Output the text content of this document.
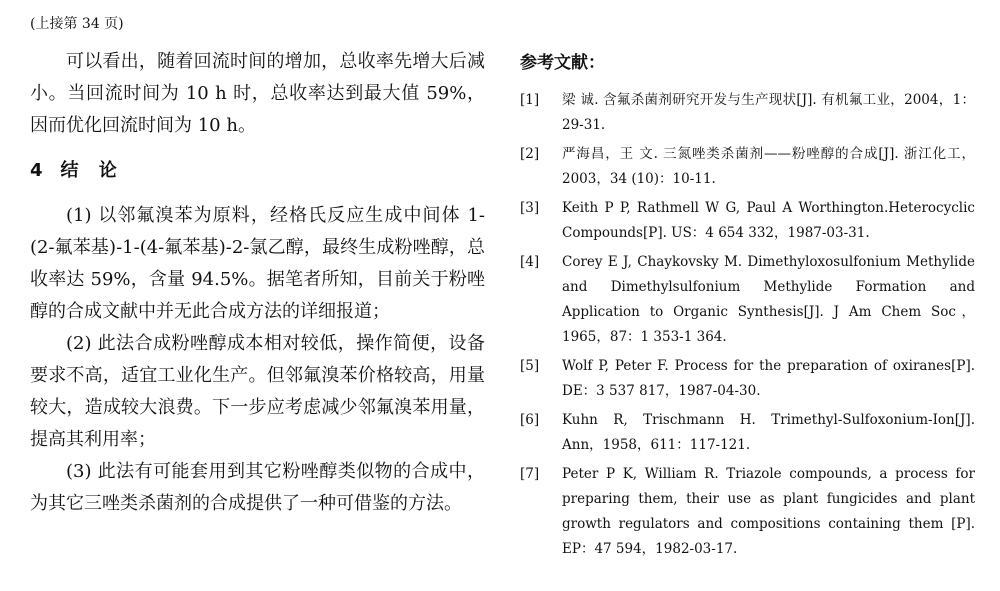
(上接第 34 页)

可以看出，随着回流时间的增加，总收率先增大后减小。当回流时间为 10 h 时，总收率达到最大值 59%，因而优化回流时间为 10 h。

4 结 论

(1) 以邻氟溴苯为原料，经格氏反应生成中间体 1-(2-氟苯基)-1-(4-氟苯基)-2-氯乙醇，最终生成粉唑醇，总收率达 59%，含量 94.5%。据笔者所知，目前关于粉唑醇的合成文献中并无此合成方法的详细报道；

(2) 此法合成粉唑醇成本相对较低，操作简便，设备要求不高，适宜工业化生产。但邻氟溴苯价格较高，用量较大，造成较大浪费。下一步应考虑减少邻氟溴苯用量，提高其利用率；

(3) 此法有可能套用到其它粉唑醇类似物的合成中，为其它三唑类杀菌剂的合成提供了一种可借鉴的方法。

参考文献：
[1]	梁 诚. 含氟杀菌剂研究开发与生产现状[J]. 有机氟工业，2004，1：29-31.
[2]	严海昌，王 文. 三氮唑类杀菌剂——粉唑醇的合成[J]. 浙江化工，2003，34 (10)：10-11.
[3]	Keith P P, Rathmell W G, Paul A Worthington.Heterocyclic Compounds[P]. US：4 654 332，1987-03-31.
[4]	Corey E J, Chaykovsky M. Dimethyloxosulfonium Methylide and Dimethylsulfonium Methylide Formation and Application to Organic Synthesis[J]. J Am Chem Soc，1965，87：1 353-1 364.
[5]	Wolf P, Peter F. Process for the preparation of oxiranes[P]. DE：3 537 817，1987-04-30.
[6]	Kuhn R, Trischmann H. Trimethyl-Sulfoxonium-Ion[J]. Ann，1958，611：117-121.
[7]	Peter P K, William R. Triazole compounds, a process for preparing them, their use as plant fungicides and plant growth regulators and compositions containing them [P]. EP：47 594，1982-03-17.
